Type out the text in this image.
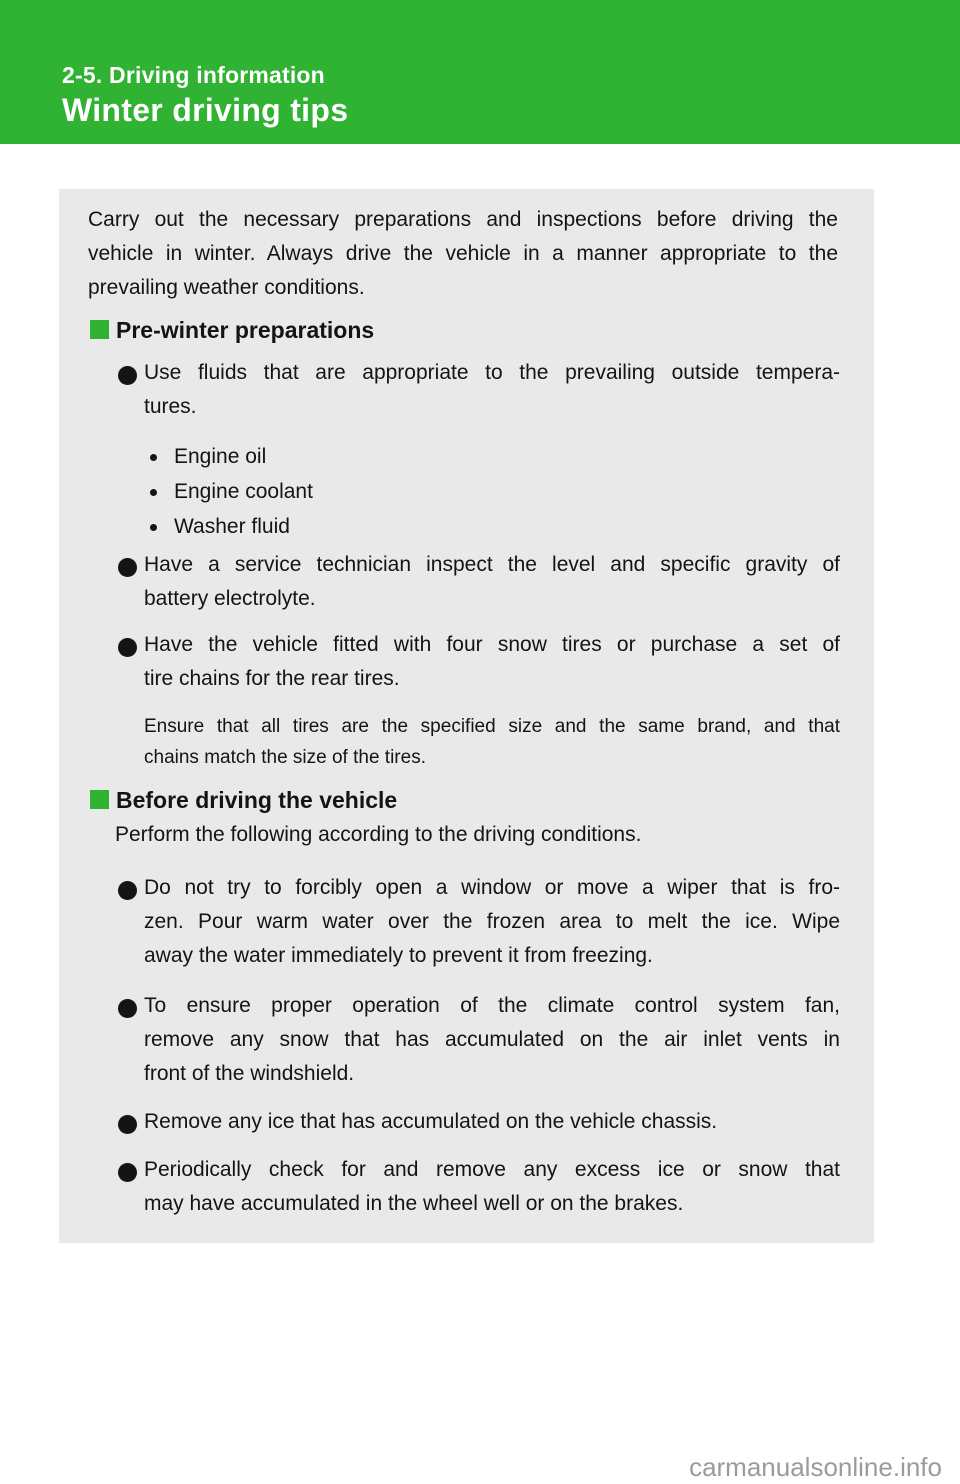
2-5. Driving information
Winter driving tips
Carry out the necessary preparations and inspections before driving the
vehicle in winter. Always drive the vehicle in a manner appropriate to the
prevailing weather conditions.
Pre-winter preparations
Use fluids that are appropriate to the prevailing outside tempera-
tures.
Engine oil
Engine coolant
Washer fluid
Have a service technician inspect the level and specific gravity of
battery electrolyte.
Have the vehicle fitted with four snow tires or purchase a set of
tire chains for the rear tires.
Ensure that all tires are the specified size and the same brand, and that
chains match the size of the tires.
Before driving the vehicle
Perform the following according to the driving conditions.
Do not try to forcibly open a window or move a wiper that is fro-
zen. Pour warm water over the frozen area to melt the ice. Wipe
away the water immediately to prevent it from freezing.
To ensure proper operation of the climate control system fan,
remove any snow that has accumulated on the air inlet vents in
front of the windshield.
Remove any ice that has accumulated on the vehicle chassis.
Periodically check for and remove any excess ice or snow that
may have accumulated in the wheel well or on the brakes.
carmanualsonline.info
